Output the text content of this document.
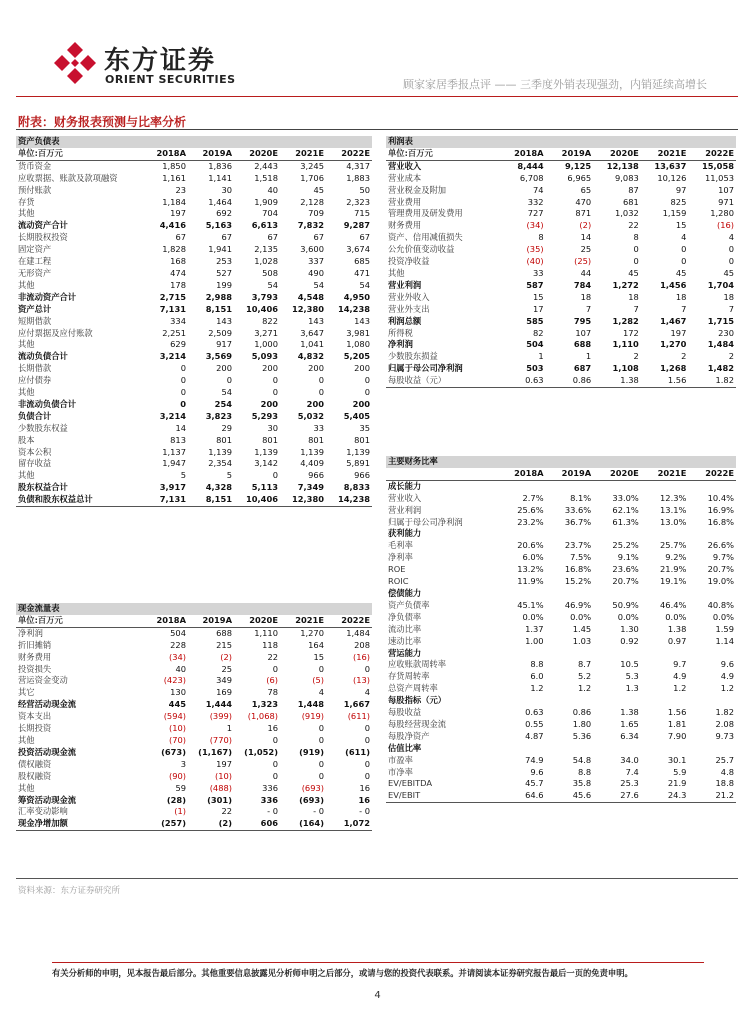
东方证券
ORIENT SECURITIES	顾家家居季报点评 —— 三季度外销表现强劲，内销延续高增长
附表：财务报表预测与比率分析
资产负债表					
单位:百万元	2018A	2019A	2020E	2021E	2022E
货币资金	1,850	1,836	2,443	3,245	4,317
应收票据、账款及款项融资	1,161	1,141	1,518	1,706	1,883
预付账款	23	30	40	45	50
存货	1,184	1,464	1,909	2,128	2,323
其他	197	692	704	709	715
流动资产合计	4,416	5,163	6,613	7,832	9,287
长期股权投资	67	67	67	67	67
固定资产	1,828	1,941	2,135	3,600	3,674
在建工程	168	253	1,028	337	685
无形资产	474	527	508	490	471
其他	178	199	54	54	54
非流动资产合计	2,715	2,988	3,793	4,548	4,950
资产总计	7,131	8,151	10,406	12,380	14,238
短期借款	334	143	822	143	143
应付票据及应付账款	2,251	2,509	3,271	3,647	3,981
其他	629	917	1,000	1,041	1,080
流动负债合计	3,214	3,569	5,093	4,832	5,205
长期借款	0	200	200	200	200
应付债券	0	0	0	0	0
其他	0	54	0	0	0
非流动负债合计	0	254	200	200	200
负债合计	3,214	3,823	5,293	5,032	5,405
少数股东权益	14	29	30	33	35
股本	813	801	801	801	801
资本公积	1,137	1,139	1,139	1,139	1,139
留存收益	1,947	2,354	3,142	4,409	5,891
其他	5	5	0	966	966
股东权益合计	3,917	4,328	5,113	7,349	8,833
负债和股东权益总计	7,131	8,151	10,406	12,380	14,238
现金流量表					
单位:百万元	2018A	2019A	2020E	2021E	2022E
净利润	504	688	1,110	1,270	1,484
折旧摊销	228	215	118	164	208
财务费用	(34)	(2)	22	15	(16)
投资损失	40	25	0	0	0
营运资金变动	(423)	349	(6)	(5)	(13)
其它	130	169	78	4	4
经营活动现金流	445	1,444	1,323	1,448	1,667
资本支出	(594)	(399)	(1,068)	(919)	(611)
长期投资	(10)	1	16	0	0
其他	(70)	(770)	0	0	0
投资活动现金流	(673)	(1,167)	(1,052)	(919)	(611)
债权融资	3	197	0	0	0
股权融资	(90)	(10)	0	0	0
其他	59	(488)	336	(693)	16
筹资活动现金流	(28)	(301)	336	(693)	16
汇率变动影响	(1)	22	- 0	- 0	- 0
现金净增加额	(257)	(2)	606	(164)	1,072
利润表					
单位:百万元	2018A	2019A	2020E	2021E	2022E
营业收入	8,444	9,125	12,138	13,637	15,058
营业成本	6,708	6,965	9,083	10,126	11,053
营业税金及附加	74	65	87	97	107
营业费用	332	470	681	825	971
管理费用及研发费用	727	871	1,032	1,159	1,280
财务费用	(34)	(2)	22	15	(16)
资产、信用减值损失	8	14	8	4	4
公允价值变动收益	(35)	25	0	0	0
投资净收益	(40)	(25)	0	0	0
其他	33	44	45	45	45
营业利润	587	784	1,272	1,456	1,704
营业外收入	15	18	18	18	18
营业外支出	17	7	7	7	7
利润总额	585	795	1,282	1,467	1,715
所得税	82	107	172	197	230
净利润	504	688	1,110	1,270	1,484
少数股东损益	1	1	2	2	2
归属于母公司净利润	503	687	1,108	1,268	1,482
每股收益（元）	0.63	0.86	1.38	1.56	1.82
主要财务比率					
	2018A	2019A	2020E	2021E	2022E
成长能力					
营业收入	2.7%	8.1%	33.0%	12.3%	10.4%
营业利润	25.6%	33.6%	62.1%	13.1%	16.9%
归属于母公司净利润	23.2%	36.7%	61.3%	13.0%	16.8%
获利能力					
毛利率	20.6%	23.7%	25.2%	25.7%	26.6%
净利率	6.0%	7.5%	9.1%	9.2%	9.7%
ROE	13.2%	16.8%	23.6%	21.9%	20.7%
ROIC	11.9%	15.2%	20.7%	19.1%	19.0%
偿债能力					
资产负债率	45.1%	46.9%	50.9%	46.4%	40.8%
净负债率	0.0%	0.0%	0.0%	0.0%	0.0%
流动比率	1.37	1.45	1.30	1.38	1.59
速动比率	1.00	1.03	0.92	0.97	1.14
营运能力					
应收账款周转率	8.8	8.7	10.5	9.7	9.6
存货周转率	6.0	5.2	5.3	4.9	4.9
总资产周转率	1.2	1.2	1.3	1.2	1.2
每股指标（元）					
每股收益	0.63	0.86	1.38	1.56	1.82
每股经营现金流	0.55	1.80	1.65	1.81	2.08
每股净资产	4.87	5.36	6.34	7.90	9.73
估值比率					
市盈率	74.9	54.8	34.0	30.1	25.7
市净率	9.6	8.8	7.4	5.9	4.8
EV/EBITDA	45.7	35.8	25.3	21.9	18.8
EV/EBIT	64.6	45.6	27.6	24.3	21.2
资料来源：东方证券研究所
有关分析师的申明，见本报告最后部分。其他重要信息披露见分析师申明之后部分，或请与您的投资代表联系。并请阅读本证券研究报告最后一页的免责申明。
4
